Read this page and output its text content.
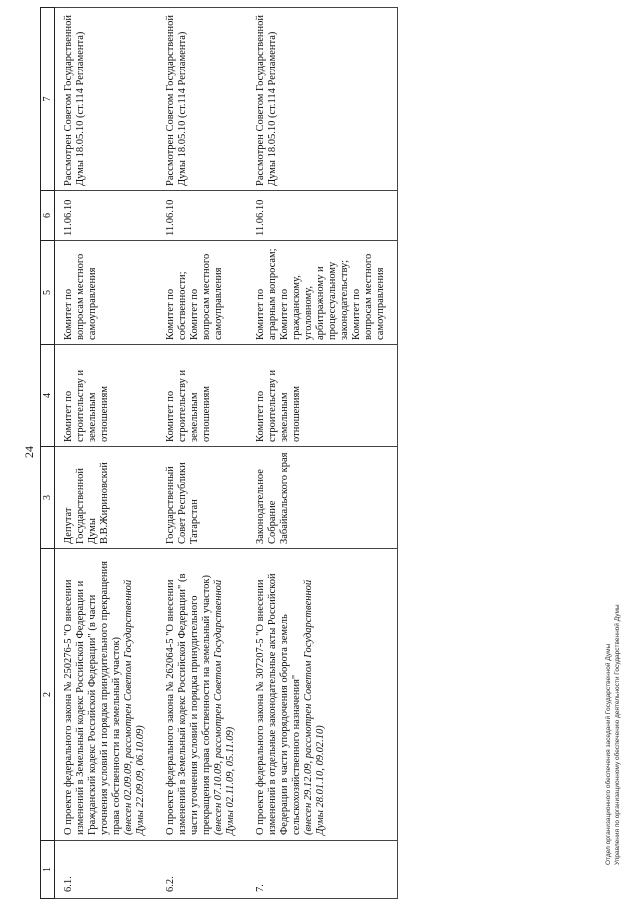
24
1	2	3	4	5	6	7
6.1.	О проекте федерального закона № 250276-5 "О внесении изменений в Земельный кодекс Российской Федерации и Гражданский кодекс Российской Федерации" (в части уточнения условий и порядка принудительного прекращения права собственности на земельный участок) (внесен 02.09.09, рассмотрен Советом Государственной Думы 22.09.09, 06.10.09)	Депутат Государственной Думы В.В.Жириновский	Комитет по строительству и земельным отношениям	Комитет по вопросам местного самоуправления	11.06.10	Рассмотрен Советом Государственной Думы 18.05.10 (ст.114 Регламента)
6.2.	О проекте федерального закона № 262064-5 "О внесении изменений в Земельный кодекс Российской Федерации" (в части уточнения условий и порядка принудительного прекращения права собственности на земельный участок) (внесен 07.10.09, рассмотрен Советом Государственной Думы 02.11.09, 05.11.09)	Государственный Совет Республики Татарстан	Комитет по строительству и земельным отношениям	Комитет по собственности; Комитет по вопросам местного самоуправления	11.06.10	Рассмотрен Советом Государственной Думы 18.05.10 (ст.114 Регламента)
7.	О проекте федерального закона № 307207-5 "О внесении изменений в отдельные законодательные акты Российской Федерации в части упорядочения оборота земель сельскохозяйственного назначения" (внесен 29.12.09, рассмотрен Советом Государственной Думы 28.01.10, 09.02.10)	Законодательное Собрание Забайкальского края	Комитет по строительству и земельным отношениям	Комитет по аграрным вопросам; Комитет по гражданскому, уголовному, арбитражному и процессуальному законодательству; Комитет по вопросам местного самоуправления	11.06.10	Рассмотрен Советом Государственной Думы 18.05.10 (ст.114 Регламента)
Отдел организационного обеспечения заседаний Государственной Думы Управления по организационному обеспечению деятельности Государственной Думы
